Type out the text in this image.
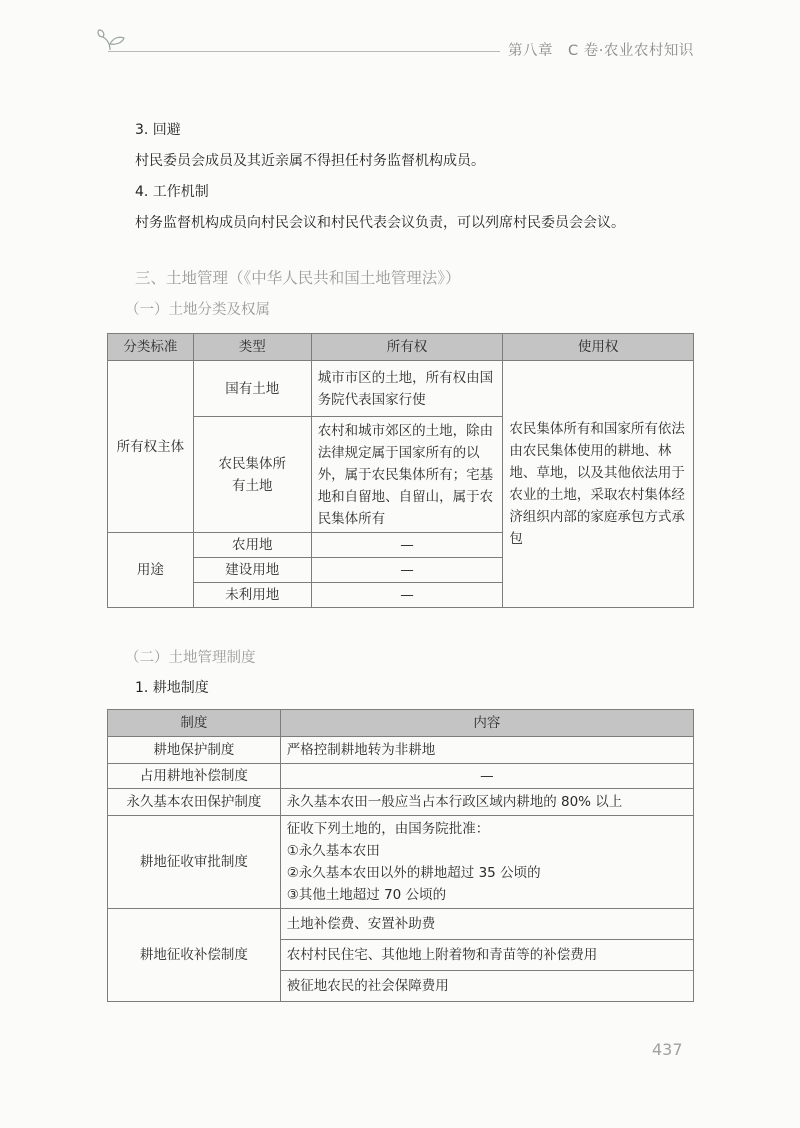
第八章　C 卷·农业农村知识
3. 回避
村民委员会成员及其近亲属不得担任村务监督机构成员。
4. 工作机制
村务监督机构成员向村民会议和村民代表会议负责，可以列席村民委员会会议。
三、土地管理（《中华人民共和国土地管理法》）
（一）土地分类及权属
分类标准	类型	所有权	使用权
所有权主体	国有土地	城市市区的土地，所有权由国务院代表国家行使	农民集体所有和国家所有依法由农民集体使用的耕地、林地、草地，以及其他依法用于农业的土地，采取农村集体经济组织内部的家庭承包方式承包
	农民集体所有土地	农村和城市郊区的土地，除由法律规定属于国家所有的以外，属于农民集体所有；宅基地和自留地、自留山，属于农民集体所有	
用途	农用地	—	
	建设用地	—	
	未利用地	—	
（二）土地管理制度
1. 耕地制度
制度	内容
耕地保护制度	严格控制耕地转为非耕地
占用耕地补偿制度	—
永久基本农田保护制度	永久基本农田一般应当占本行政区域内耕地的 80% 以上
耕地征收审批制度	征收下列土地的，由国务院批准：
①永久基本农田
②永久基本农田以外的耕地超过 35 公顷的
③其他土地超过 70 公顷的

耕地征收补偿制度	土地补偿费、安置补助费
	农村村民住宅、其他地上附着物和青苗等的补偿费用
	被征地农民的社会保障费用
437
